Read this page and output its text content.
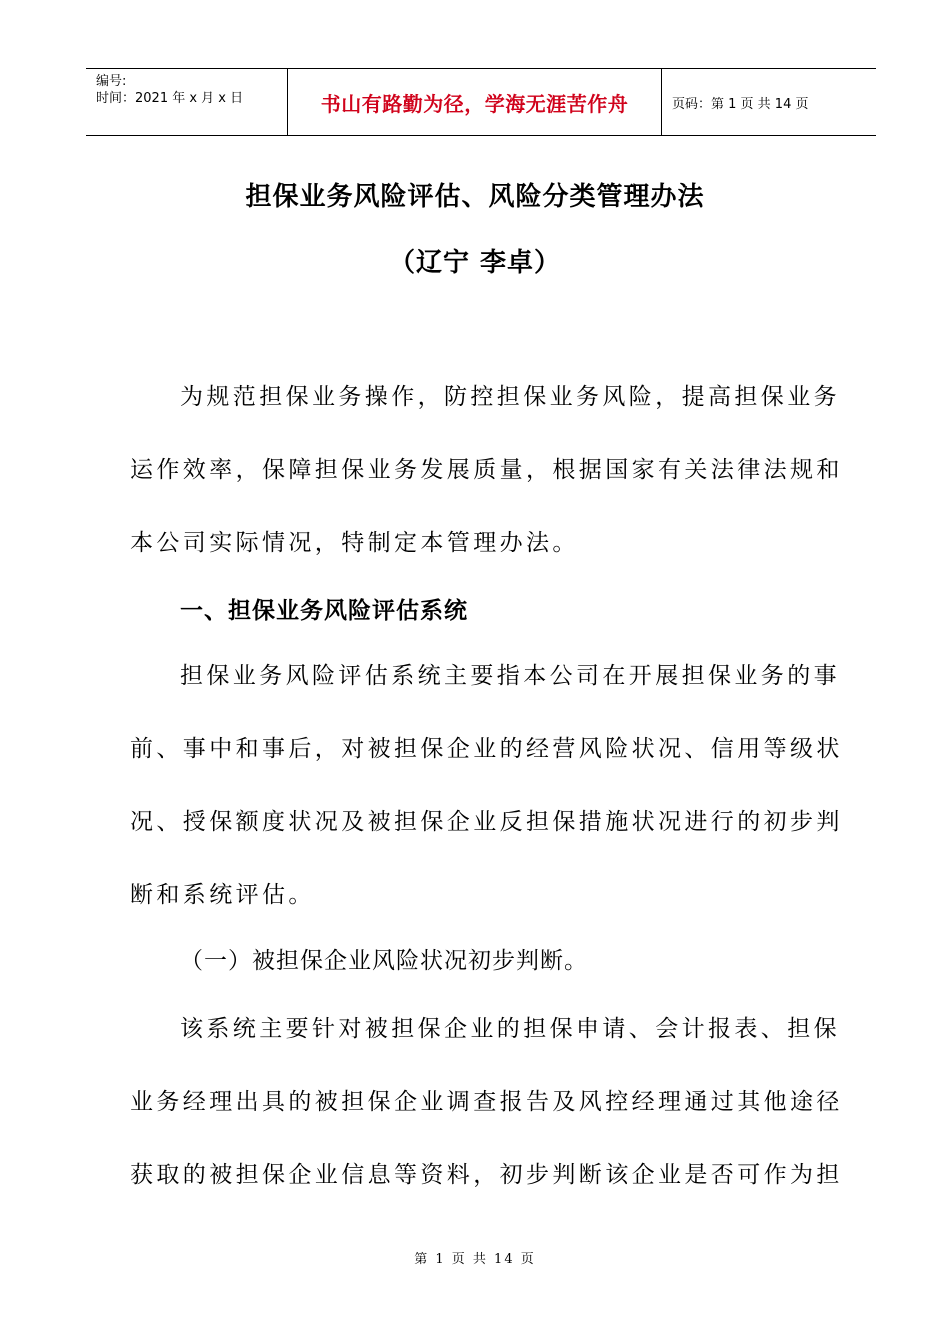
编号:
时间：2021 年 x 月 x 日	书山有路勤为径，学海无涯苦作舟	页码：第 1 页 共 14 页
担保业务风险评估、风险分类管理办法
（辽宁 李卓）
为规范担保业务操作，防控担保业务风险，提高担保业务
运作效率，保障担保业务发展质量，根据国家有关法律法规和
本公司实际情况，特制定本管理办法。
一、担保业务风险评估系统
担保业务风险评估系统主要指本公司在开展担保业务的事
前、事中和事后，对被担保企业的经营风险状况、信用等级状
况、授保额度状况及被担保企业反担保措施状况进行的初步判
断和系统评估。
（一）被担保企业风险状况初步判断。
该系统主要针对被担保企业的担保申请、会计报表、担保
业务经理出具的被担保企业调查报告及风控经理通过其他途径
获取的被担保企业信息等资料，初步判断该企业是否可作为担
第 1 页 共 14 页
